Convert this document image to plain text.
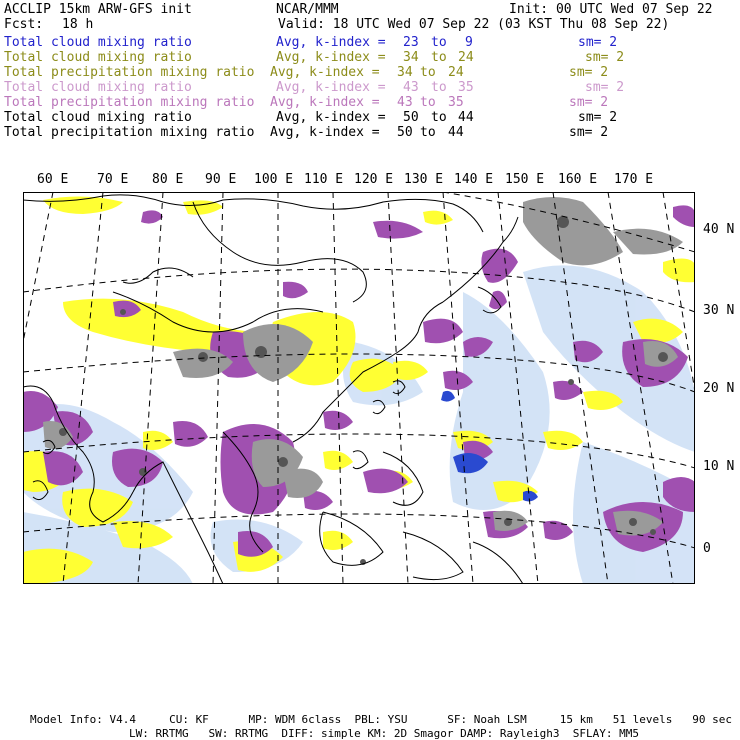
ACCLIP 15km ARW-GFS init	NCAR/MMM	Init: 00 UTC Wed 07 Sep 22
Fcst: 18 h	Valid: 18 UTC Wed 07 Sep 22 (03 KST Thu 08 Sep 22)
Total cloud mixing ratio	Avg, k-index = 23 to 9	sm= 2
Total cloud mixing ratio	Avg, k-index = 34 to 24	sm= 2
Total precipitation mixing ratio Avg, k-index = 34 to 24	sm= 2
Total cloud mixing ratio	Avg, k-index = 43 to 35	sm= 2
Total precipitation mixing ratio Avg, k-index = 43 to 35	sm= 2
Total cloud mixing ratio	Avg, k-index = 50 to 44	sm= 2
Total precipitation mixing ratio Avg, k-index = 50 to 44	sm= 2
60 E 70 E 80 E 90 E 100 E 110 E 120 E 130 E 140 E 150 E 160 E 170 E
40 N
30 N
20 N
10 N
0
Model Info: V4.4     CU: KF      MP: WDM 6class  PBL: YSU      SF: Noah LSM     15 km   51 levels   90 sec
LW: RRTMG   SW: RRTMG  DIFF: simple KM: 2D Smagor DAMP: Rayleigh3  SFLAY: MM5
